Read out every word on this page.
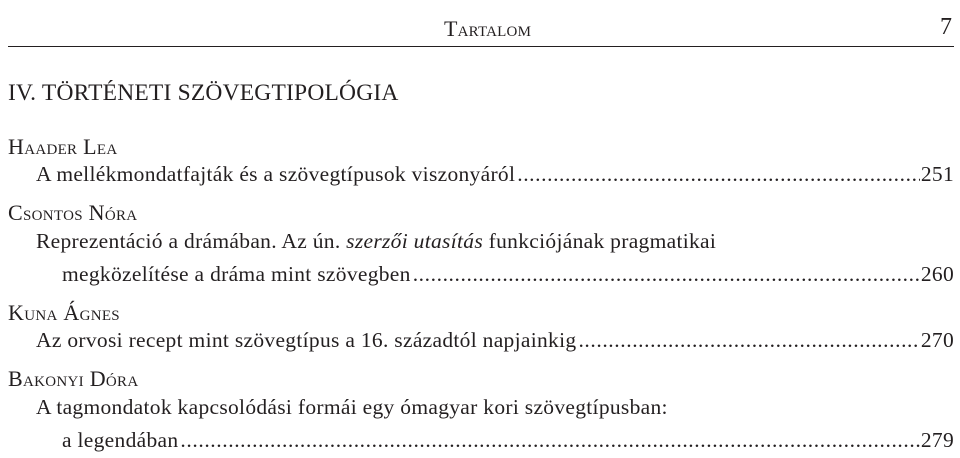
Tartalom	7
IV. TÖRTÉNETI SZÖVEGTIPOLÓGIA
Haader Lea
A mellékmondatfajták és a szövegtípusok viszonyáról .....	251
Csontos Nóra
Reprezentáció a drámában. Az ún. szerzői utasítás funkciójának pragmatikai
megközelítése a dráma mint szövegben .....	260
Kuna Ágnes
Az orvosi recept mint szövegtípus a 16. századtól napjainkig .....	270
Bakonyi Dóra
A tagmondatok kapcsolódási formái egy ómagyar kori szövegtípusban:
a legendában .....	279
